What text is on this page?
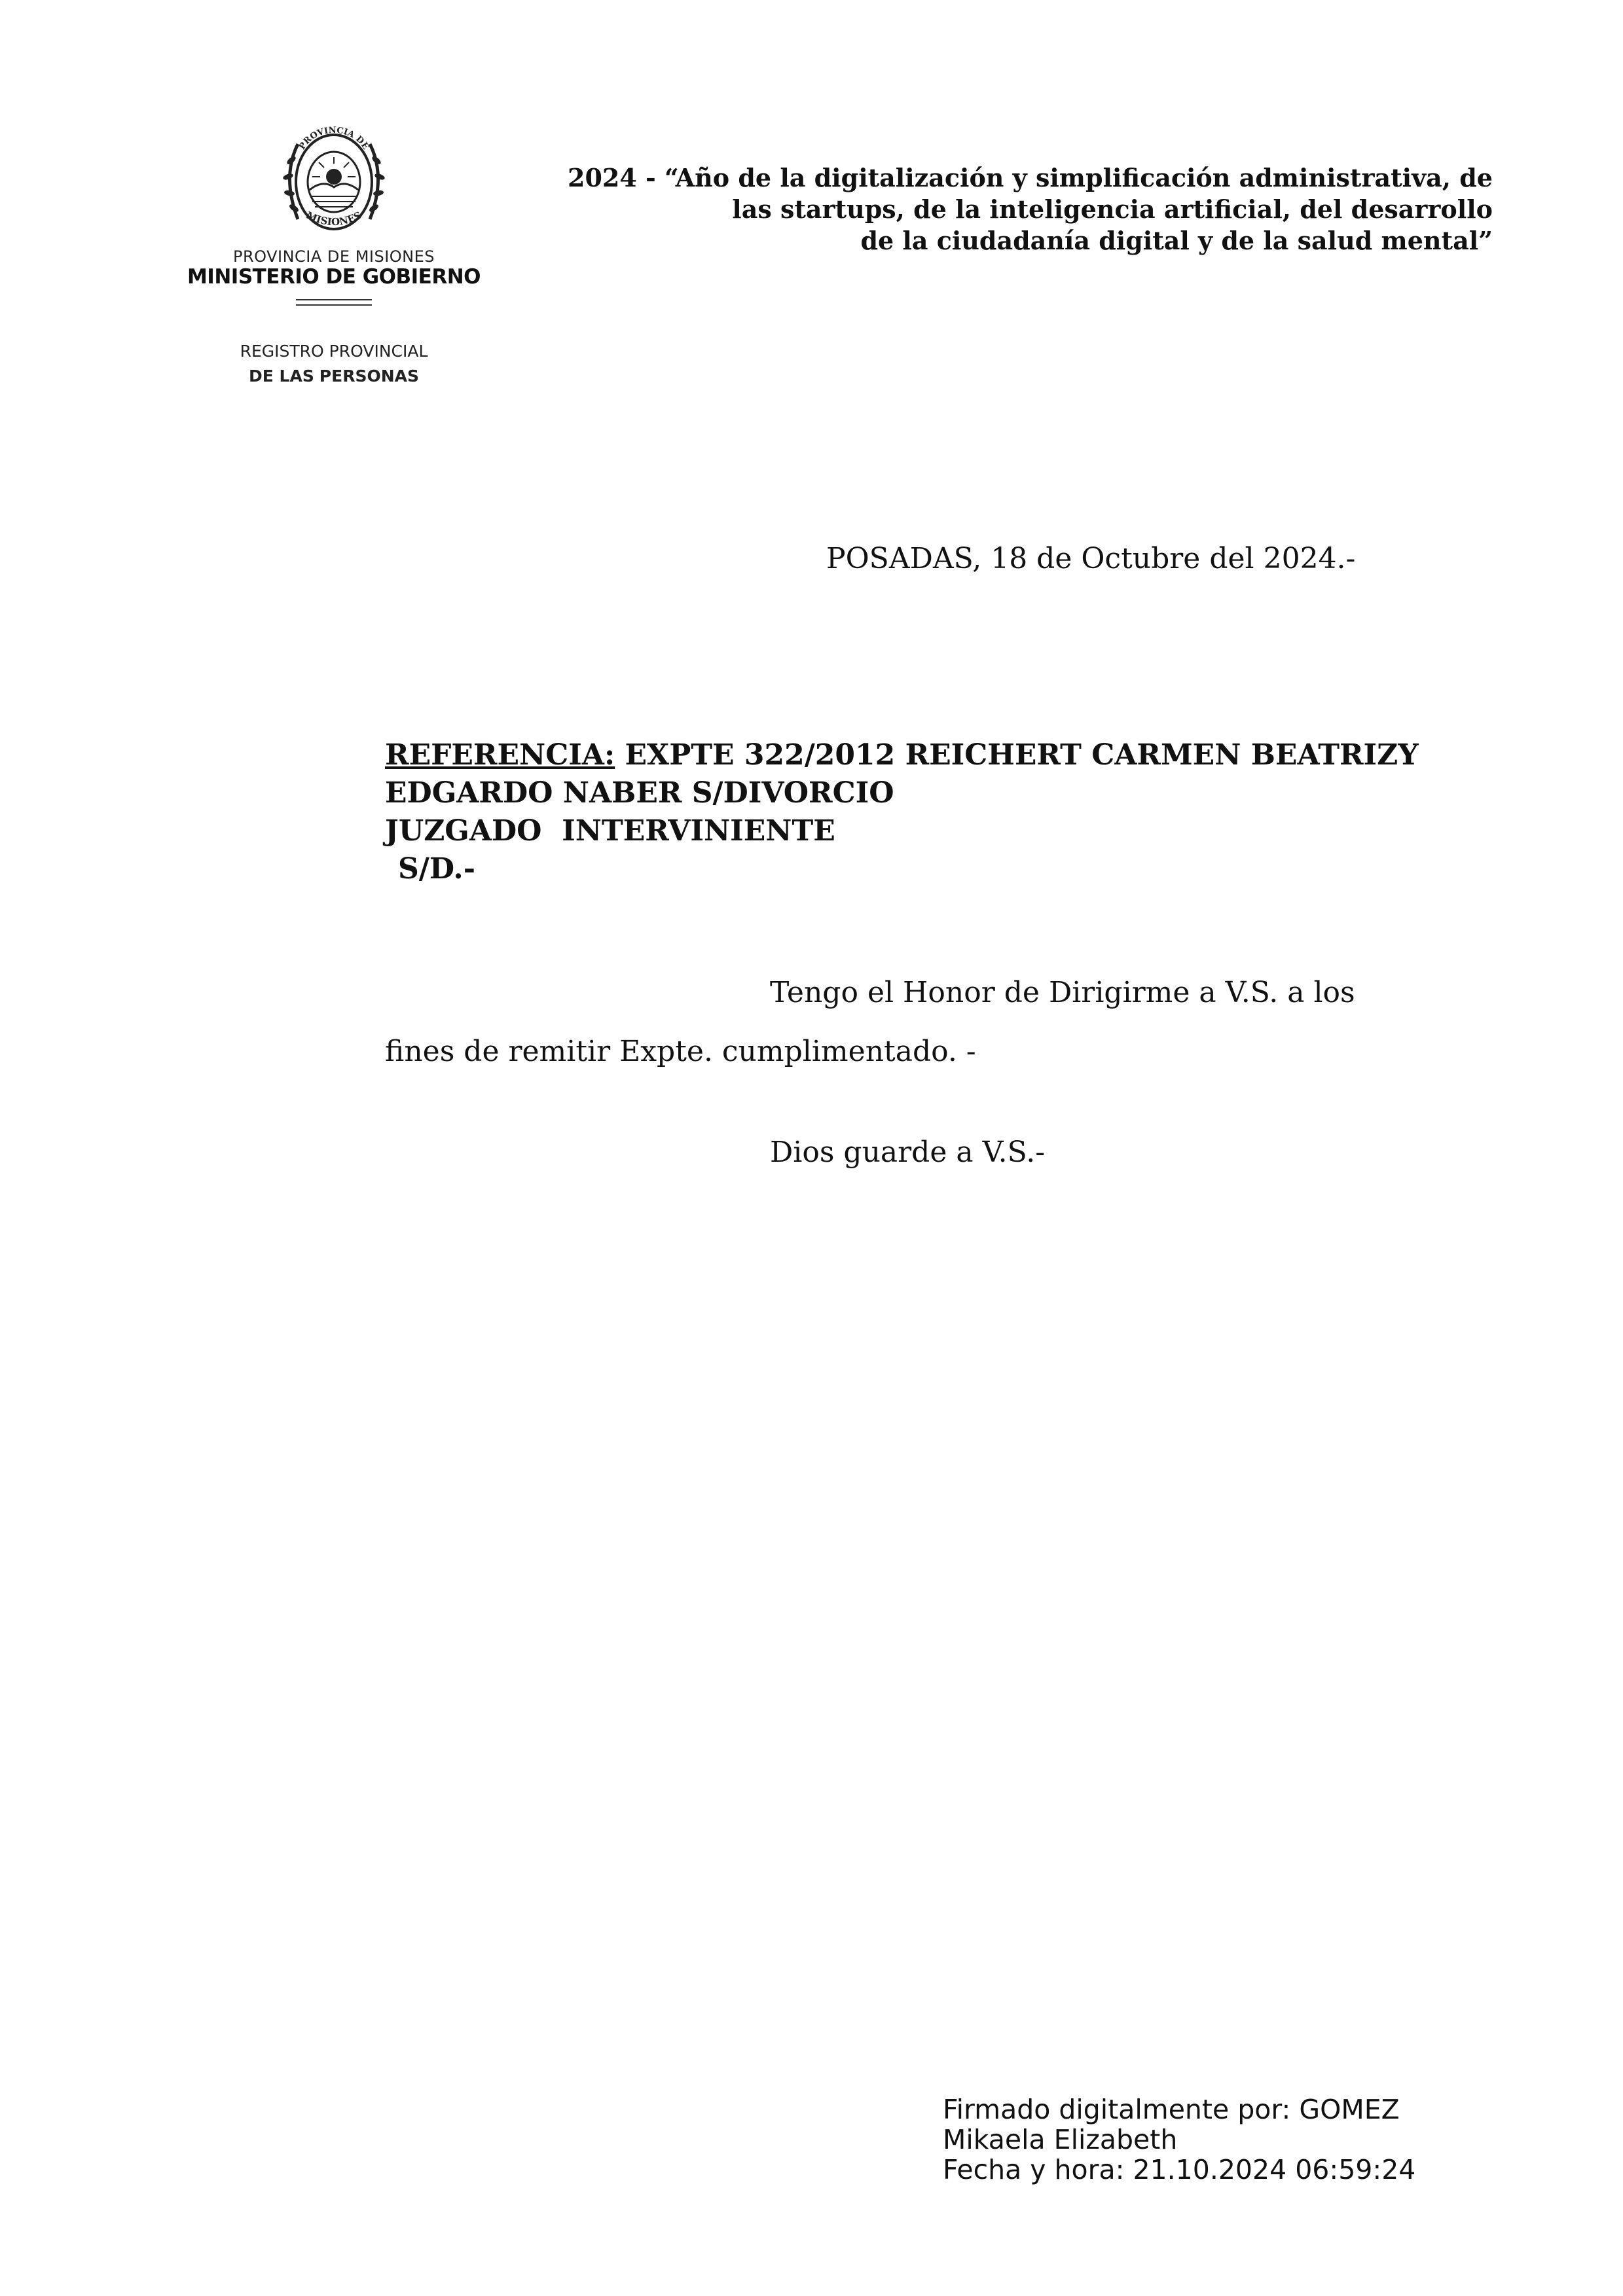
PROVINCIA DE
MISIONES
PROVINCIA DE MISIONES
MINISTERIO DE GOBIERNO
REGISTRO PROVINCIAL
DE LAS PERSONAS
2024 - “Año de la digitalización y simplificación administrativa, de
las startups, de la inteligencia artificial, del desarrollo
de la ciudadanía digital y de la salud mental”
POSADAS, 18 de Octubre del 2024.-
REFERENCIA: EXPTE 322/2012 REICHERT CARMEN BEATRIZY
EDGARDO NABER S/DIVORCIO
JUZGADO  INTERVINIENTE
S/D.-
Tengo el Honor de Dirigirme a V.S. a los
fines de remitir Expte. cumplimentado. -
Dios guarde a V.S.-
Firmado digitalmente por: GOMEZ
Mikaela Elizabeth
Fecha y hora: 21.10.2024 06:59:24
